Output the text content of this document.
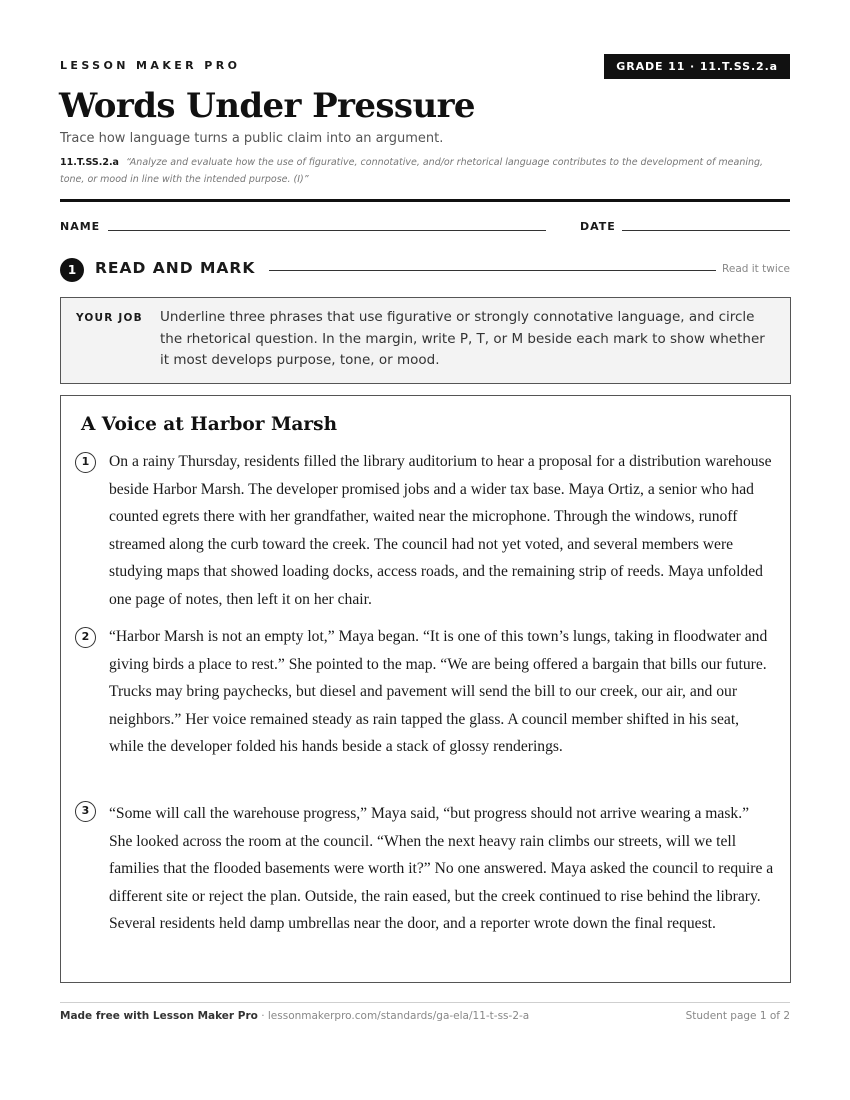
LESSON MAKER PRO	GRADE 11 · 11.T.SS.2.a
Words Under Pressure
Trace how language turns a public claim into an argument.
11.T.SS.2.a “Analyze and evaluate how the use of figurative, connotative, and/or rhetorical language contributes to the development of meaning, tone, or mood in line with the intended purpose. (I)”
NAME	DATE
1	READ AND MARK	Read it twice
YOUR JOB Underline three phrases that use figurative or strongly connotative language, and circle the rhetorical question. In the margin, write P, T, or M beside each mark to show whether it most develops purpose, tone, or mood.
A Voice at Harbor Marsh
1	On a rainy Thursday, residents filled the library auditorium to hear a proposal for a distribution warehouse beside Harbor Marsh. The developer promised jobs and a wider tax base. Maya Ortiz, a senior who had counted egrets there with her grandfather, waited near the microphone. Through the windows, runoff streamed along the curb toward the creek. The council had not yet voted, and several members were studying maps that showed loading docks, access roads, and the remaining strip of reeds. Maya unfolded one page of notes, then left it on her chair.
2	“Harbor Marsh is not an empty lot,” Maya began. “It is one of this town’s lungs, taking in floodwater and giving birds a place to rest.” She pointed to the map. “We are being offered a bargain that bills our future. Trucks may bring paychecks, but diesel and pavement will send the bill to our creek, our air, and our neighbors.” Her voice remained steady as rain tapped the glass. A council member shifted in his seat, while the developer folded his hands beside a stack of glossy renderings.
3	“Some will call the warehouse progress,” Maya said, “but progress should not arrive wearing a mask.” She looked across the room at the council. “When the next heavy rain climbs our streets, will we tell families that the flooded basements were worth it?” No one answered. Maya asked the council to require a different site or reject the plan. Outside, the rain eased, but the creek continued to rise behind the library. Several residents held damp umbrellas near the door, and a reporter wrote down the final request.
Made free with Lesson Maker Pro · lessonmakerpro.com/standards/ga-ela/11-t-ss-2-a	Student page 1 of 2
